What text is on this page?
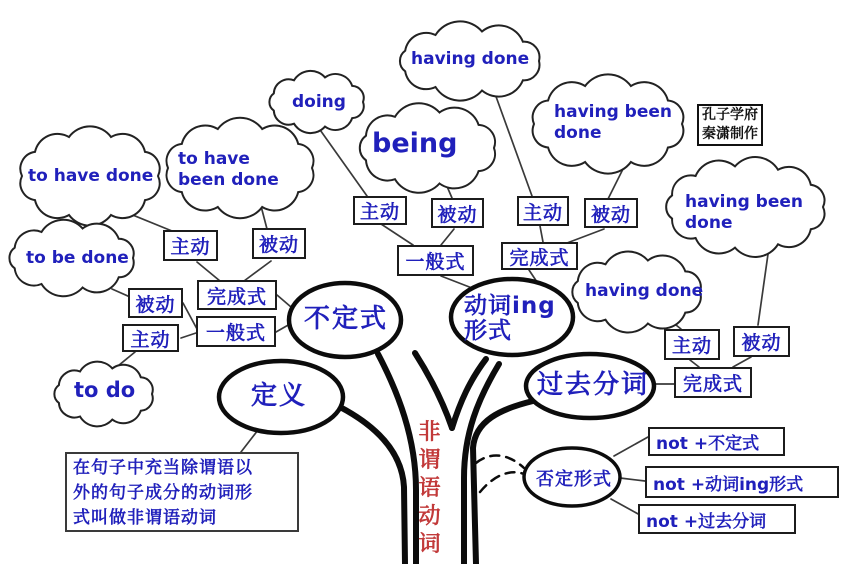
to have done
to have
been done
to be done
to do
doing
being
having done
having been
done
having been
done
having done
不定式	动词ing
形式
定义	过去分词
否定形式
主动	被动
完成式
被动
一般式
主动
主动	被动
一般式
主动	被动
完成式
主动	被动
完成式
not +不定式
not +动词ing形式
not +过去分词
孔子学府
秦潇制作
在句子中充当除谓语以
外的句子成分的动词形
式叫做非谓语动词
非谓语动词
